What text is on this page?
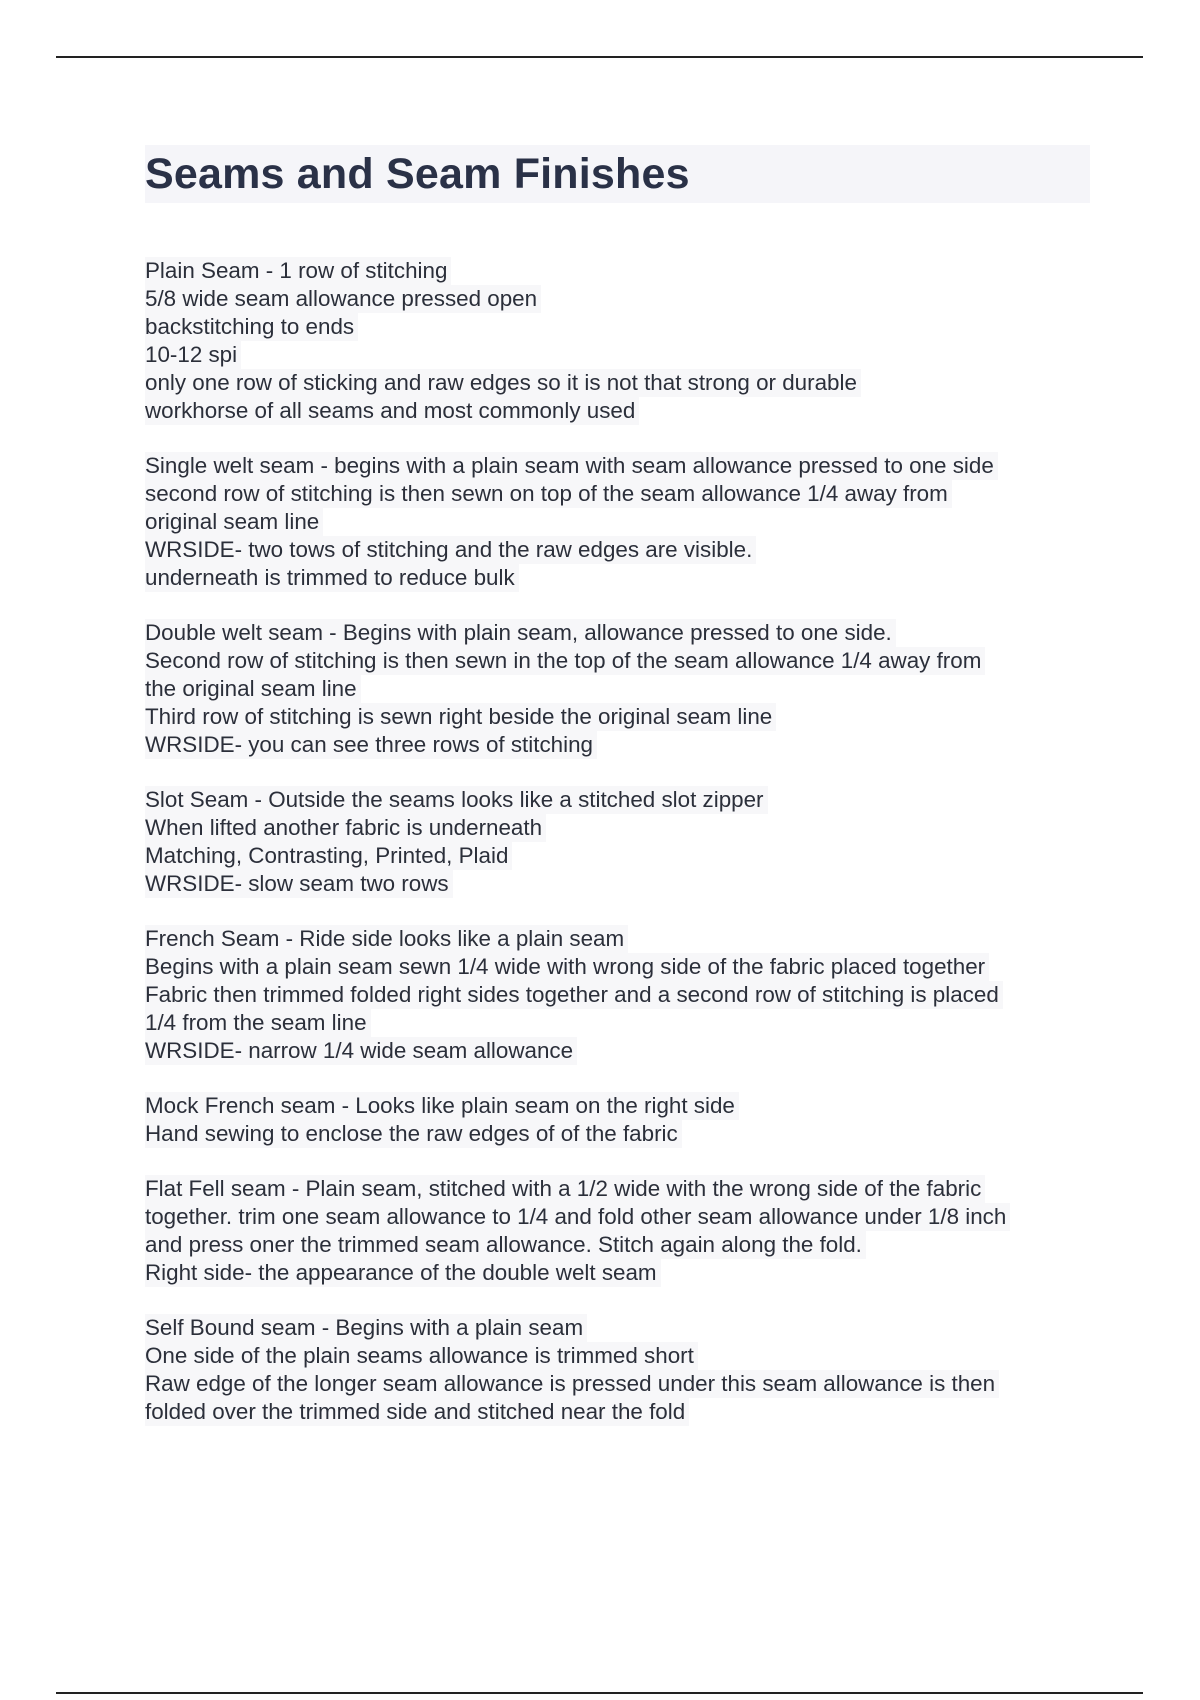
Seams and Seam Finishes
Plain Seam - 1 row of stitching
5/8 wide seam allowance pressed open
backstitching to ends
10-12 spi
only one row of sticking and raw edges so it is not that strong or durable
workhorse of all seams and most commonly used
Single welt seam - begins with a plain seam with seam allowance pressed to one side
second row of stitching is then sewn on top of the seam allowance 1/4 away from
original seam line
WRSIDE- two tows of stitching and the raw edges are visible.
underneath is trimmed to reduce bulk
Double welt seam - Begins with plain seam, allowance pressed to one side.
Second row of stitching is then sewn in the top of the seam allowance 1/4 away from
the original seam line
Third row of stitching is sewn right beside the original seam line
WRSIDE- you can see three rows of stitching
Slot Seam - Outside the seams looks like a stitched slot zipper
When lifted another fabric is underneath
Matching, Contrasting, Printed, Plaid
WRSIDE- slow seam two rows
French Seam - Ride side looks like a plain seam
Begins with a plain seam sewn 1/4 wide with wrong side of the fabric placed together
Fabric then trimmed folded right sides together and a second row of stitching is placed
1/4 from the seam line
WRSIDE- narrow 1/4 wide seam allowance
Mock French seam - Looks like plain seam on the right side
Hand sewing to enclose the raw edges of of the fabric
Flat Fell seam - Plain seam, stitched with a 1/2 wide with the wrong side of the fabric
together. trim one seam allowance to 1/4 and fold other seam allowance under 1/8 inch
and press oner the trimmed seam allowance. Stitch again along the fold.
Right side- the appearance of the double welt seam
Self Bound seam - Begins with a plain seam
One side of the plain seams allowance is trimmed short
Raw edge of the longer seam allowance is pressed under this seam allowance is then
folded over the trimmed side and stitched near the fold
